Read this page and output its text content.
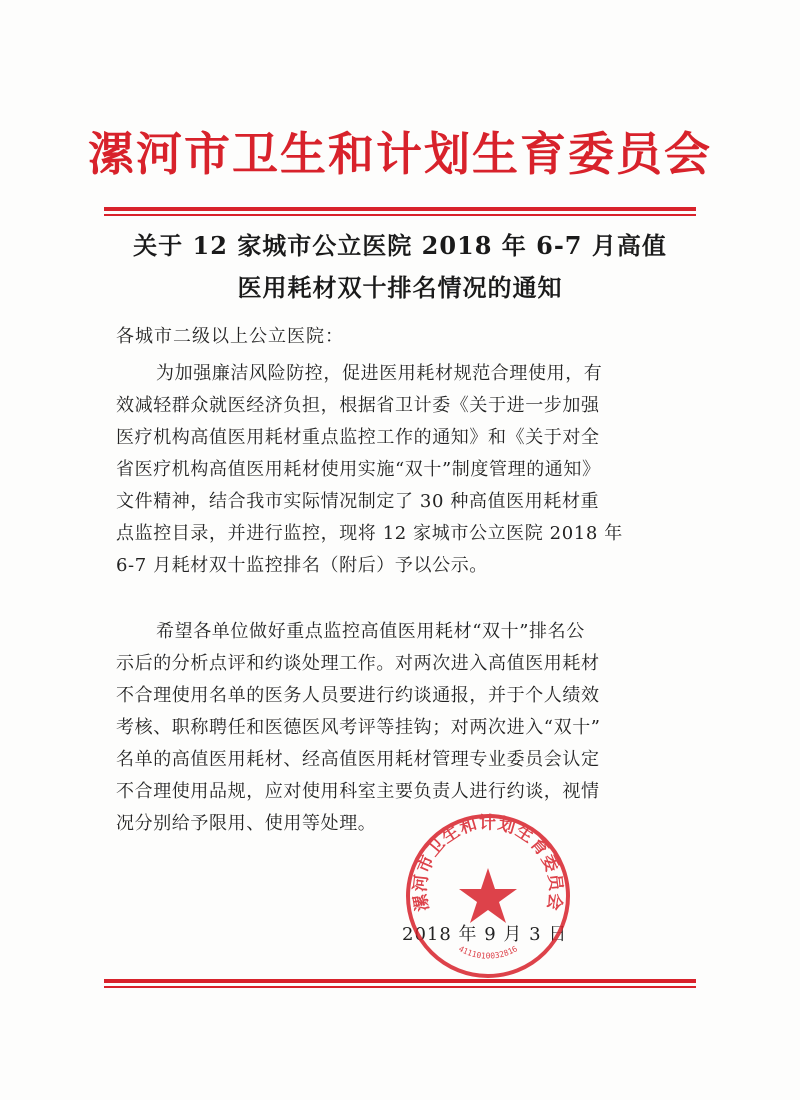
漯河市卫生和计划生育委员会
关于 12 家城市公立医院 2018 年 6-7 月高值
医用耗材双十排名情况的通知
各城市二级以上公立医院：
为加强廉洁风险防控，促进医用耗材规范合理使用，有
效减轻群众就医经济负担，根据省卫计委《关于进一步加强
医疗机构高值医用耗材重点监控工作的通知》和《关于对全
省医疗机构高值医用耗材使用实施“双十”制度管理的通知》
文件精神，结合我市实际情况制定了 30 种高值医用耗材重
点监控目录，并进行监控，现将 12 家城市公立医院 2018 年
6-7 月耗材双十监控排名（附后）予以公示。
希望各单位做好重点监控高值医用耗材“双十”排名公
示后的分析点评和约谈处理工作。对两次进入高值医用耗材
不合理使用名单的医务人员要进行约谈通报，并于个人绩效
考核、职称聘任和医德医风考评等挂钩；对两次进入“双十”
名单的高值医用耗材、经高值医用耗材管理专业委员会认定
不合理使用品规，应对使用科室主要负责人进行约谈，视情
况分别给予限用、使用等处理。
2018 年 9 月 3 日
漯河市卫生和计划生育委员会
4111010032816
